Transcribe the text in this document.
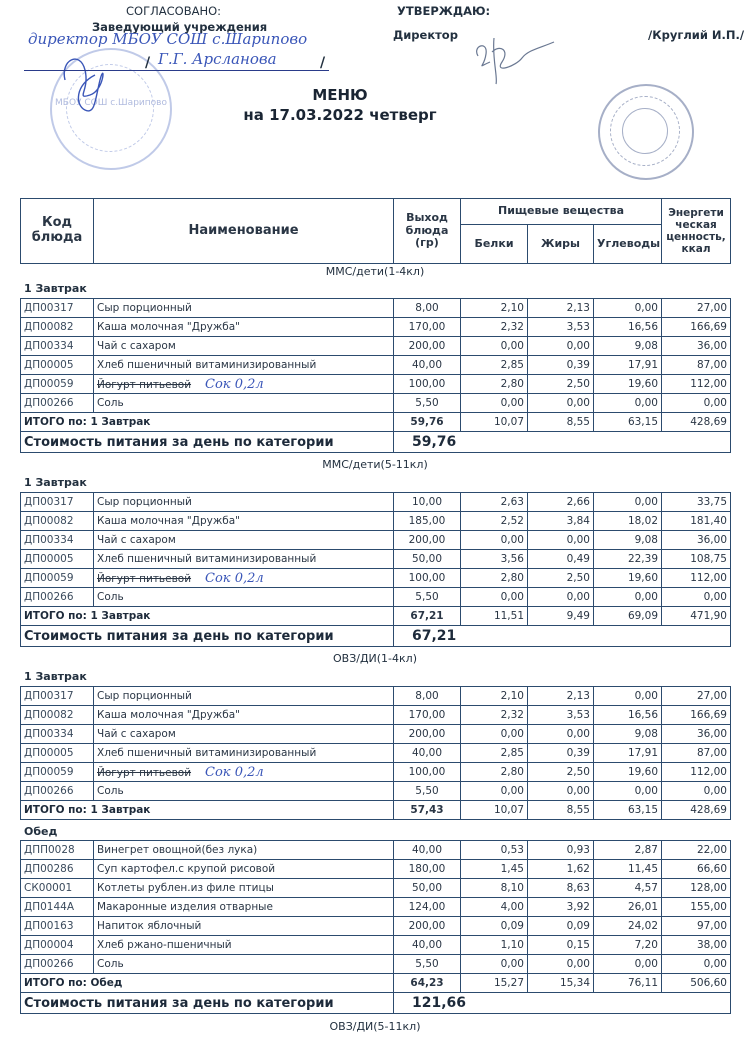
СОГЛАСОВАНО:
Заведующий учреждения
директор МБОУ СОШ с.Шарипово
МБОУ СОШ с.Шарипово
/ Г.Г. Арсланова	/
УТВЕРЖДАЮ:
Директор	/Круглий И.П./
МЕНЮ
на 17.03.2022 четверг
Код блюда	Наименование	Выход блюда (гр)	Пищевые вещества			Энергети ческая ценность, ккал
			Белки	Жиры	Углеводы	
ММС/дети(1-4кл)
1 Завтрак
ДП00317	Сыр порционный	8,00	2,10	2,13	0,00	27,00
ДП00082	Каша молочная "Дружба"	170,00	2,32	3,53	16,56	166,69
ДП00334	Чай с сахаром	200,00	0,00	0,00	9,08	36,00
ДП00005	Хлеб пшеничный витаминизированный	40,00	2,85	0,39	17,91	87,00
ДП00059	Йогурт питьевой Сок 0,2л	100,00	2,80	2,50	19,60	112,00
ДП00266	Соль	5,50	0,00	0,00	0,00	0,00
ИТОГО по: 1 Завтрак		59,76	10,07	8,55	63,15	428,69
Стоимость питания за день по категории		59,76				
ММС/дети(5-11кл)
1 Завтрак
ДП00317	Сыр порционный	10,00	2,63	2,66	0,00	33,75
ДП00082	Каша молочная "Дружба"	185,00	2,52	3,84	18,02	181,40
ДП00334	Чай с сахаром	200,00	0,00	0,00	9,08	36,00
ДП00005	Хлеб пшеничный витаминизированный	50,00	3,56	0,49	22,39	108,75
ДП00059	Йогурт питьевой Сок 0,2л	100,00	2,80	2,50	19,60	112,00
ДП00266	Соль	5,50	0,00	0,00	0,00	0,00
ИТОГО по: 1 Завтрак		67,21	11,51	9,49	69,09	471,90
Стоимость питания за день по категории		67,21				
ОВЗ/ДИ(1-4кл)
1 Завтрак
ДП00317	Сыр порционный	8,00	2,10	2,13	0,00	27,00
ДП00082	Каша молочная "Дружба"	170,00	2,32	3,53	16,56	166,69
ДП00334	Чай с сахаром	200,00	0,00	0,00	9,08	36,00
ДП00005	Хлеб пшеничный витаминизированный	40,00	2,85	0,39	17,91	87,00
ДП00059	Йогурт питьевой Сок 0,2л	100,00	2,80	2,50	19,60	112,00
ДП00266	Соль	5,50	0,00	0,00	0,00	0,00
ИТОГО по: 1 Завтрак		57,43	10,07	8,55	63,15	428,69
Обед
ДПП0028	Винегрет овощной(без лука)	40,00	0,53	0,93	2,87	22,00
ДП00286	Суп картофел.с крупой рисовой	180,00	1,45	1,62	11,45	66,60
СК00001	Котлеты рублен.из филе птицы	50,00	8,10	8,63	4,57	128,00
ДП0144А	Макаронные изделия отварные	124,00	4,00	3,92	26,01	155,00
ДП00163	Напиток яблочный	200,00	0,09	0,09	24,02	97,00
ДП00004	Хлеб ржано-пшеничный	40,00	1,10	0,15	7,20	38,00
ДП00266	Соль	5,50	0,00	0,00	0,00	0,00
ИТОГО по: Обед		64,23	15,27	15,34	76,11	506,60
Стоимость питания за день по категории		121,66				
ОВЗ/ДИ(5-11кл)
